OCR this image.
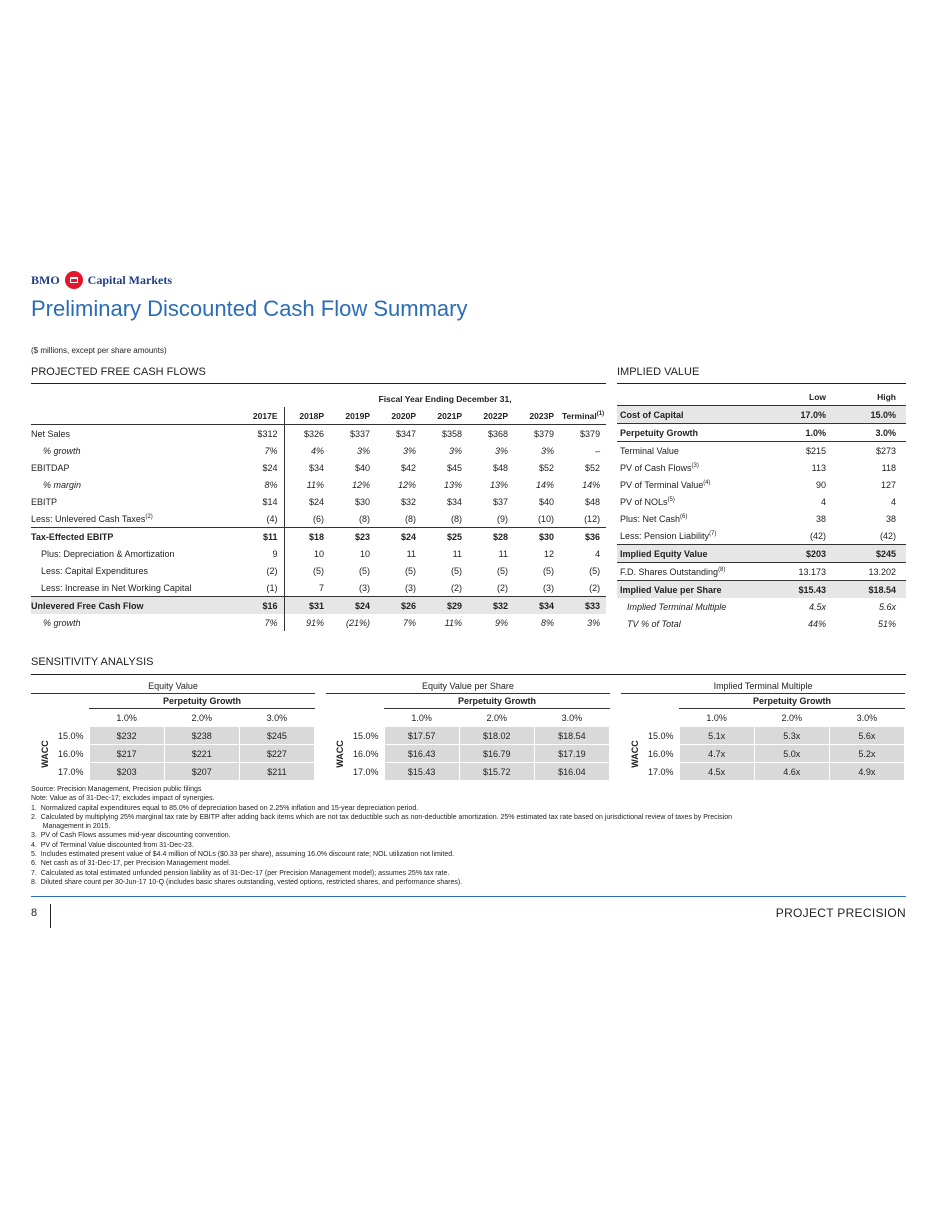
BMO Capital Markets
Preliminary Discounted Cash Flow Summary
($ millions, except per share amounts)
PROJECTED FREE CASH FLOWS	IMPLIED VALUE
		Fiscal Year Ending December 31,						
	2017E	2018P	2019P	2020P	2021P	2022P	2023P	Terminal$^{(1)}$
Net Sales	$312	$326	$337	$347	$358	$368	$379	$379
% growth	7%	4%	3%	3%	3%	3%	3%	–
EBITDAP	$24	$34	$40	$42	$45	$48	$52	$52
% margin	8%	11%	12%	12%	13%	13%	14%	14%
EBITP	$14	$24	$30	$32	$34	$37	$40	$48
Less: Unlevered Cash Taxes$^{(2)}$	(4)	(6)	(8)	(8)	(8)	(9)	(10)	(12)
Tax-Effected EBITP	$11	$18	$23	$24	$25	$28	$30	$36
Plus: Depreciation & Amortization	9	10	10	11	11	11	12	4
Less: Capital Expenditures	(2)	(5)	(5)	(5)	(5)	(5)	(5)	(5)
Less: Increase in Net Working Capital	(1)	7	(3)	(3)	(2)	(2)	(3)	(2)
Unlevered Free Cash Flow	$16	$31	$24	$26	$29	$32	$34	$33
% growth	7%	91%	(21%)	7%	11%	9%	8%	3%
	Low	High
Cost of Capital	17.0%	15.0%
Perpetuity Growth	1.0%	3.0%
Terminal Value	$215	$273
PV of Cash Flows$^{(3)}$	113	118
PV of Terminal Value$^{(4)}$	90	127
PV of NOLs$^{(5)}$	4	4
Plus: Net Cash$^{(6)}$	38	38
Less: Pension Liability$^{(7)}$	(42)	(42)
Implied Equity Value	$203	$245
F.D. Shares Outstanding$^{(8)}$	13.173	13.202
Implied Value per Share	$15.43	$18.54
Implied Terminal Multiple	4.5x	5.6x
TV % of Total	44%	51%
SENSITIVITY ANALYSIS
Equity Value
Perpetuity Growth
		1.0%	2.0%	3.0%
WACC	15.0%	$232	$238	$245
	16.0%	$217	$221	$227
	17.0%	$203	$207	$211
Equity Value per Share
Perpetuity Growth
		1.0%	2.0%	3.0%
WACC	15.0%	$17.57	$18.02	$18.54
	16.0%	$16.43	$16.79	$17.19
	17.0%	$15.43	$15.72	$16.04
Implied Terminal Multiple
Perpetuity Growth
		1.0%	2.0%	3.0%
WACC	15.0%	5.1x	5.3x	5.6x
	16.0%	4.7x	5.0x	5.2x
	17.0%	4.5x	4.6x	4.9x
Source: Precision Management, Precision public filings
Note: Value as of 31-Dec-17; excludes impact of synergies.
1.  Normalized capital expenditures equal to 85.0% of depreciation based on 2.25% inflation and 15-year depreciation period.
2.  Calculated by multiplying 25% marginal tax rate by EBITP after adding back items which are not tax deductible such as non-deductible amortization. 25% estimated tax rate based on jurisdictional review of taxes by Precision
Management in 2015.
3.  PV of Cash Flows assumes mid-year discounting convention.
4.  PV of Terminal Value discounted from 31-Dec-23.
5.  Includes estimated present value of $4.4 million of NOLs ($0.33 per share), assuming 16.0% discount rate; NOL utilization not limited.
6.  Net cash as of 31-Dec-17, per Precision Management model.
7.  Calculated as total estimated unfunded pension liability as of 31-Dec-17 (per Precision Management model); assumes 25% tax rate.
8.  Diluted share count per 30-Jun-17 10-Q (includes basic shares outstanding, vested options, restricted shares, and performance shares).
8	PROJECT PRECISION
